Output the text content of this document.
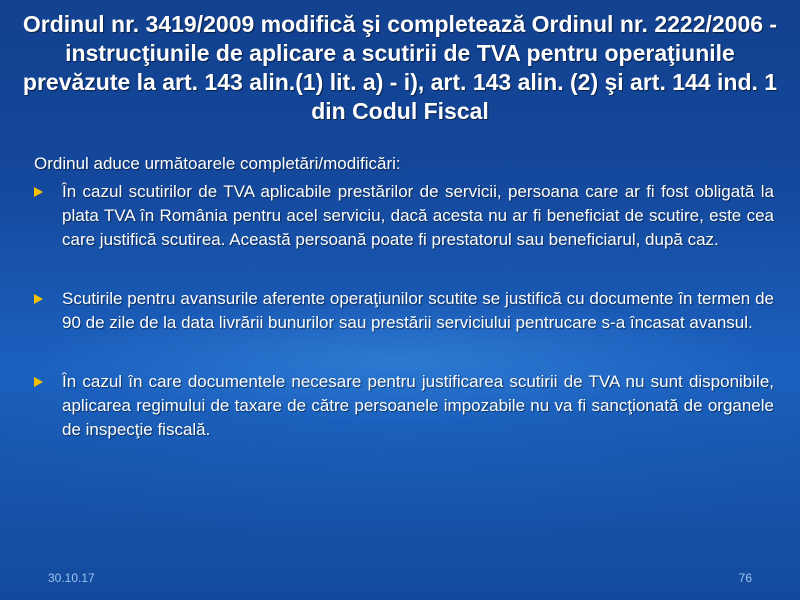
Ordinul nr. 3419/2009 modifică şi completează Ordinul nr. 2222/2006 -instrucţiunile de aplicare a scutirii de TVA pentru operaţiunile prevăzute la art. 143 alin.(1) lit. a) - i), art. 143 alin. (2) şi art. 144 ind. 1 din Codul Fiscal

Ordinul aduce următoarele completări/modificări:

În cazul scutirilor de TVA aplicabile prestărilor de servicii, persoana care ar fi fost obligată la plata TVA în România pentru acel serviciu, dacă acesta nu ar fi beneficiat de scutire, este cea care justifică scutirea. Această persoană poate fi prestatorul sau beneficiarul, după caz.
Scutirile pentru avansurile aferente operaţiunilor scutite se justifică cu documente în termen de 90 de zile de la data livrării bunurilor sau prestării serviciului pentrucare s-a încasat avansul.
În cazul în care documentele necesare pentru justificarea scutirii de TVA nu sunt disponibile, aplicarea regimului de taxare de către persoanele impozabile nu va fi sancţionată de organele de inspecţie fiscală.
30.10.17	76
